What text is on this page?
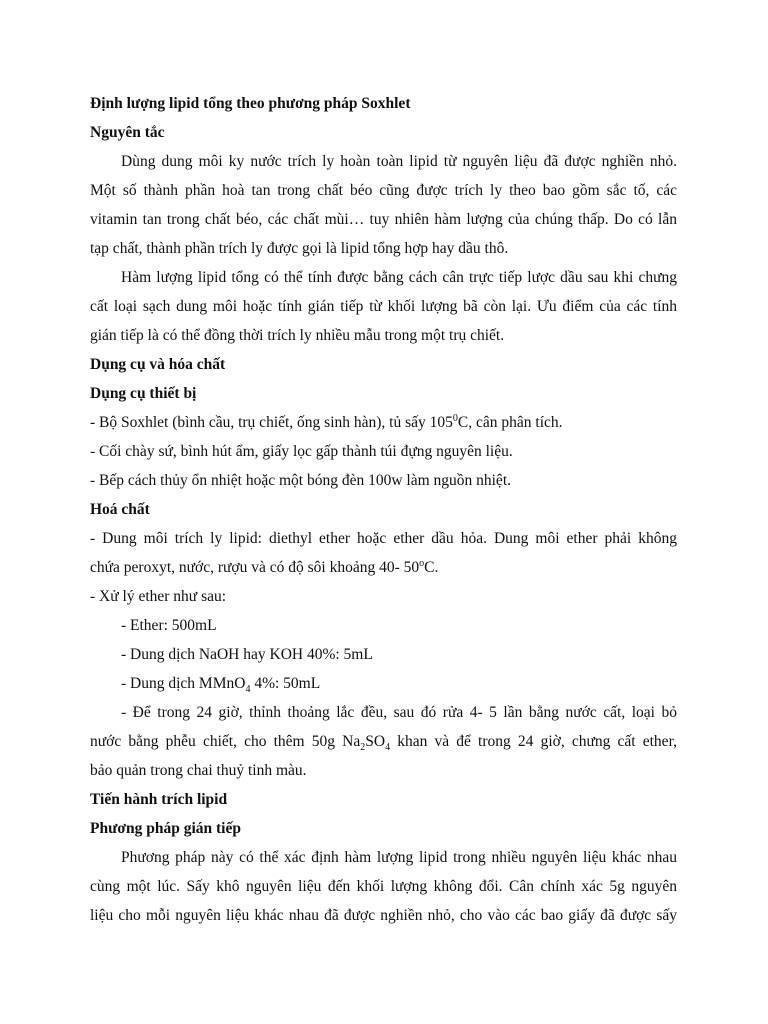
Định lượng lipid tổng theo phương pháp Soxhlet
Nguyên tắc
Dùng dung môi ky nước trích ly hoàn toàn lipid từ nguyên liệu đã được nghiền nhỏ.
Một số thành phần hoà tan trong chất béo cũng được trích ly theo bao gồm sắc tố, các
vitamin tan trong chất béo, các chất mùi… tuy nhiên hàm lượng của chúng thấp. Do có lẫn
tạp chất, thành phần trích ly được gọi là lipid tổng hợp hay dầu thô.
Hàm lượng lipid tổng có thể tính được bằng cách cân trực tiếp lược dầu sau khi chưng
cất loại sạch dung môi hoặc tính gián tiếp từ khối lượng bã còn lại. Ưu điểm của các tính
gián tiếp là có thể đồng thời trích ly nhiều mẫu trong một trụ chiết.
Dụng cụ và hóa chất
Dụng cụ thiết bị
- Bộ Soxhlet (bình cầu, trụ chiết, ống sinh hàn), tủ sấy $105^0C$, cân phân tích.
- Cối chày sứ, bình hút ẩm, giấy lọc gấp thành túi đựng nguyên liệu.
- Bếp cách thủy ổn nhiệt hoặc một bóng đèn 100w làm nguồn nhiệt.
Hoá chất
- Dung môi trích ly lipid: diethyl ether hoặc ether dầu hỏa. Dung môi ether phải không
chứa peroxyt, nước, rượu và có độ sôi khoảng 40- 50$^o$C.
- Xử lý ether như sau:
- Ether: 500mL
- Dung dịch NaOH hay KOH 40%: 5mL
- Dung dịch MMnO$_4$ 4%: 50mL
- Để trong 24 giờ, thỉnh thoảng lắc đều, sau đó rửa 4- 5 lần bằng nước cất, loại bỏ
nước bằng phễu chiết, cho thêm 50g $Na_2SO_4$ khan và để trong 24 giờ, chưng cất ether,
bảo quản trong chai thuỷ tinh màu.
Tiến hành trích lipid
Phương pháp gián tiếp
Phương pháp này có thể xác định hàm lượng lipid trong nhiều nguyên liệu khác nhau
cùng một lúc. Sấy khô nguyên liệu đến khối lượng không đổi. Cân chính xác 5g nguyên
liệu cho mỗi nguyên liệu khác nhau đã được nghiền nhỏ, cho vào các bao giấy đã được sấy
